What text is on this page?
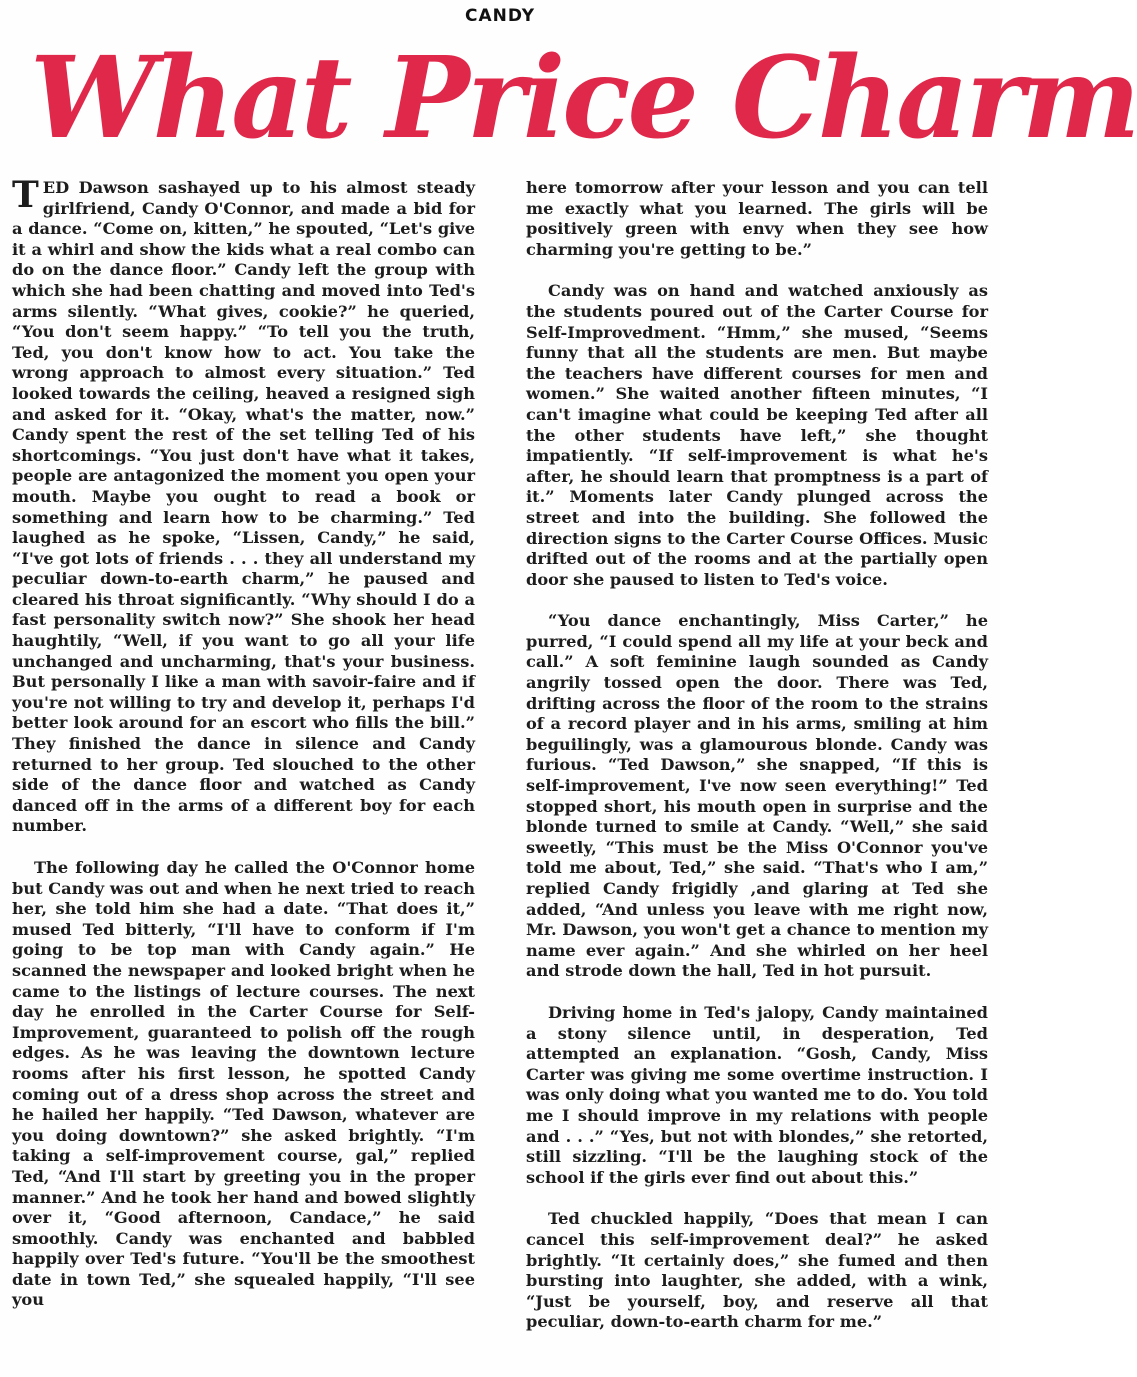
CANDY
What Price Charm

TED Dawson sashayed up to his almost steady girlfriend, Candy O'Connor, and made a bid for a dance. “Come on, kitten,” he spouted, “Let's give it a whirl and show the kids what a real combo can do on the dance floor.” Candy left the group with which she had been chatting and moved into Ted's arms silently. “What gives, cookie?” he queried, “You don't seem happy.” “To tell you the truth, Ted, you don't know how to act. You take the wrong approach to almost every situation.” Ted looked towards the ceiling, heaved a resigned sigh and asked for it. “Okay, what's the matter, now.” Candy spent the rest of the set telling Ted of his shortcomings. “You just don't have what it takes, people are antagonized the moment you open your mouth. Maybe you ought to read a book or something and learn how to be charming.” Ted laughed as he spoke, “Lissen, Candy,” he said, “I've got lots of friends . . . they all understand my peculiar down-to-earth charm,” he paused and cleared his throat significantly. “Why should I do a fast personality switch now?” She shook her head haughtily, “Well, if you want to go all your life unchanged and uncharming, that's your business. But personally I like a man with savoir-faire and if you're not willing to try and develop it, perhaps I'd better look around for an escort who fills the bill.” They finished the dance in silence and Candy returned to her group. Ted slouched to the other side of the dance floor and watched as Candy danced off in the arms of a different boy for each number.

The following day he called the O'Connor home but Candy was out and when he next tried to reach her, she told him she had a date. “That does it,” mused Ted bitterly, “I'll have to conform if I'm going to be top man with Candy again.” He scanned the newspaper and looked bright when he came to the listings of lecture courses. The next day he enrolled in the Carter Course for Self-Improvement, guaranteed to polish off the rough edges. As he was leaving the downtown lecture rooms after his first lesson, he spotted Candy coming out of a dress shop across the street and he hailed her happily. “Ted Dawson, whatever are you doing downtown?” she asked brightly. “I'm taking a self-improvement course, gal,” replied Ted, “And I'll start by greeting you in the proper manner.” And he took her hand and bowed slightly over it, “Good afternoon, Candace,” he said smoothly. Candy was enchanted and babbled happily over Ted's future. “You'll be the smoothest date in town Ted,” she squealed happily, “I'll see you

here tomorrow after your lesson and you can tell me exactly what you learned. The girls will be positively green with envy when they see how charming you're getting to be.”

Candy was on hand and watched anxiously as the students poured out of the Carter Course for Self-Improvedment. “Hmm,” she mused, “Seems funny that all the students are men. But maybe the teachers have different courses for men and women.” She waited another fifteen minutes, “I can't imagine what could be keeping Ted after all the other students have left,” she thought impatiently. “If self-improvement is what he's after, he should learn that promptness is a part of it.” Moments later Candy plunged across the street and into the building. She followed the direction signs to the Carter Course Offices. Music drifted out of the rooms and at the partially open door she paused to listen to Ted's voice.

“You dance enchantingly, Miss Carter,” he purred, “I could spend all my life at your beck and call.” A soft feminine laugh sounded as Candy angrily tossed open the door. There was Ted, drifting across the floor of the room to the strains of a record player and in his arms, smiling at him beguilingly, was a glamourous blonde. Candy was furious. “Ted Dawson,” she snapped, “If this is self-improvement, I've now seen everything!” Ted stopped short, his mouth open in surprise and the blonde turned to smile at Candy. “Well,” she said sweetly, “This must be the Miss O'Connor you've told me about, Ted,” she said. “That's who I am,” replied Candy frigidly ,and glaring at Ted she added, “And unless you leave with me right now, Mr. Dawson, you won't get a chance to mention my name ever again.” And she whirled on her heel and strode down the hall, Ted in hot pursuit.

Driving home in Ted's jalopy, Candy maintained a stony silence until, in desperation, Ted attempted an explanation. “Gosh, Candy, Miss Carter was giving me some overtime instruction. I was only doing what you wanted me to do. You told me I should improve in my relations with people and . . .” “Yes, but not with blondes,” she retorted, still sizzling. “I'll be the laughing stock of the school if the girls ever find out about this.”

Ted chuckled happily, “Does that mean I can cancel this self-improvement deal?” he asked brightly. “It certainly does,” she fumed and then bursting into laughter, she added, with a wink, “Just be yourself, boy, and reserve all that peculiar, down-to-earth charm for me.”
